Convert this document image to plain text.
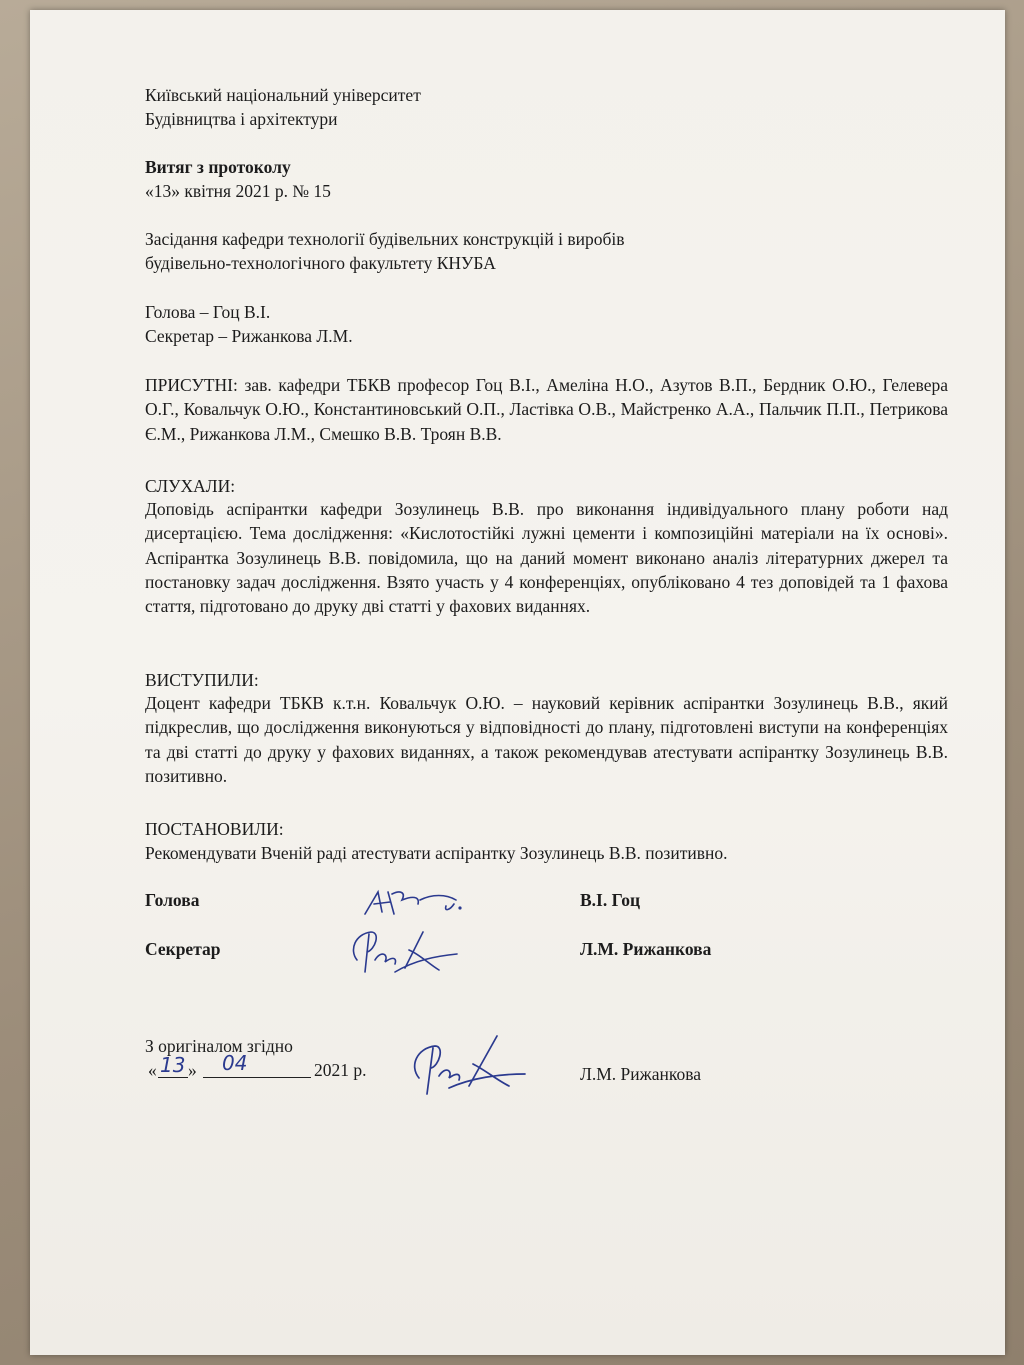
Київський національний університет
Будівництва і архітектури
Витяг з протоколу
«13» квітня 2021 р. № 15
Засідання кафедри технології будівельних конструкцій і виробів
будівельно-технологічного факультету КНУБА
Голова – Гоц В.І.
Секретар – Рижанкова Л.М.
ПРИСУТНІ: зав. кафедри ТБКВ професор Гоц В.І., Амеліна Н.О., Азутов В.П., Бердник О.Ю., Гелевера О.Г., Ковальчук О.Ю., Константиновський О.П., Ластівка О.В., Майстренко А.А., Пальчик П.П., Петрикова Є.М., Рижанкова Л.М., Смешко В.В. Троян В.В.
СЛУХАЛИ:
Доповідь аспірантки кафедри Зозулинець В.В. про виконання індивідуального плану роботи над дисертацією. Тема дослідження: «Кислотостійкі лужні цементи і композиційні матеріали на їх основі». Аспірантка Зозулинець В.В. повідомила, що на даний момент виконано аналіз літературних джерел та постановку задач дослідження. Взято участь у 4 конференціях, опубліковано 4 тез доповідей та 1 фахова стаття, підготовано до друку дві статті у фахових виданнях.
ВИСТУПИЛИ:
Доцент кафедри ТБКВ к.т.н. Ковальчук О.Ю. – науковий керівник аспірантки Зозулинець В.В., який підкреслив, що дослідження виконуються у відповідності до плану, підготовлені виступи на конференціях та дві статті до друку у фахових виданнях, а також рекомендував атестувати аспірантку Зозулинець В.В. позитивно.
ПОСТАНОВИЛИ:
Рекомендувати Вченій раді атестувати аспірантку Зозулинець В.В. позитивно.
Голова	В.І. Гоц
Секретар	Л.М. Рижанкова
З оригіналом згідно
« 13 » 04	2021 р.	Л.М. Рижанкова
